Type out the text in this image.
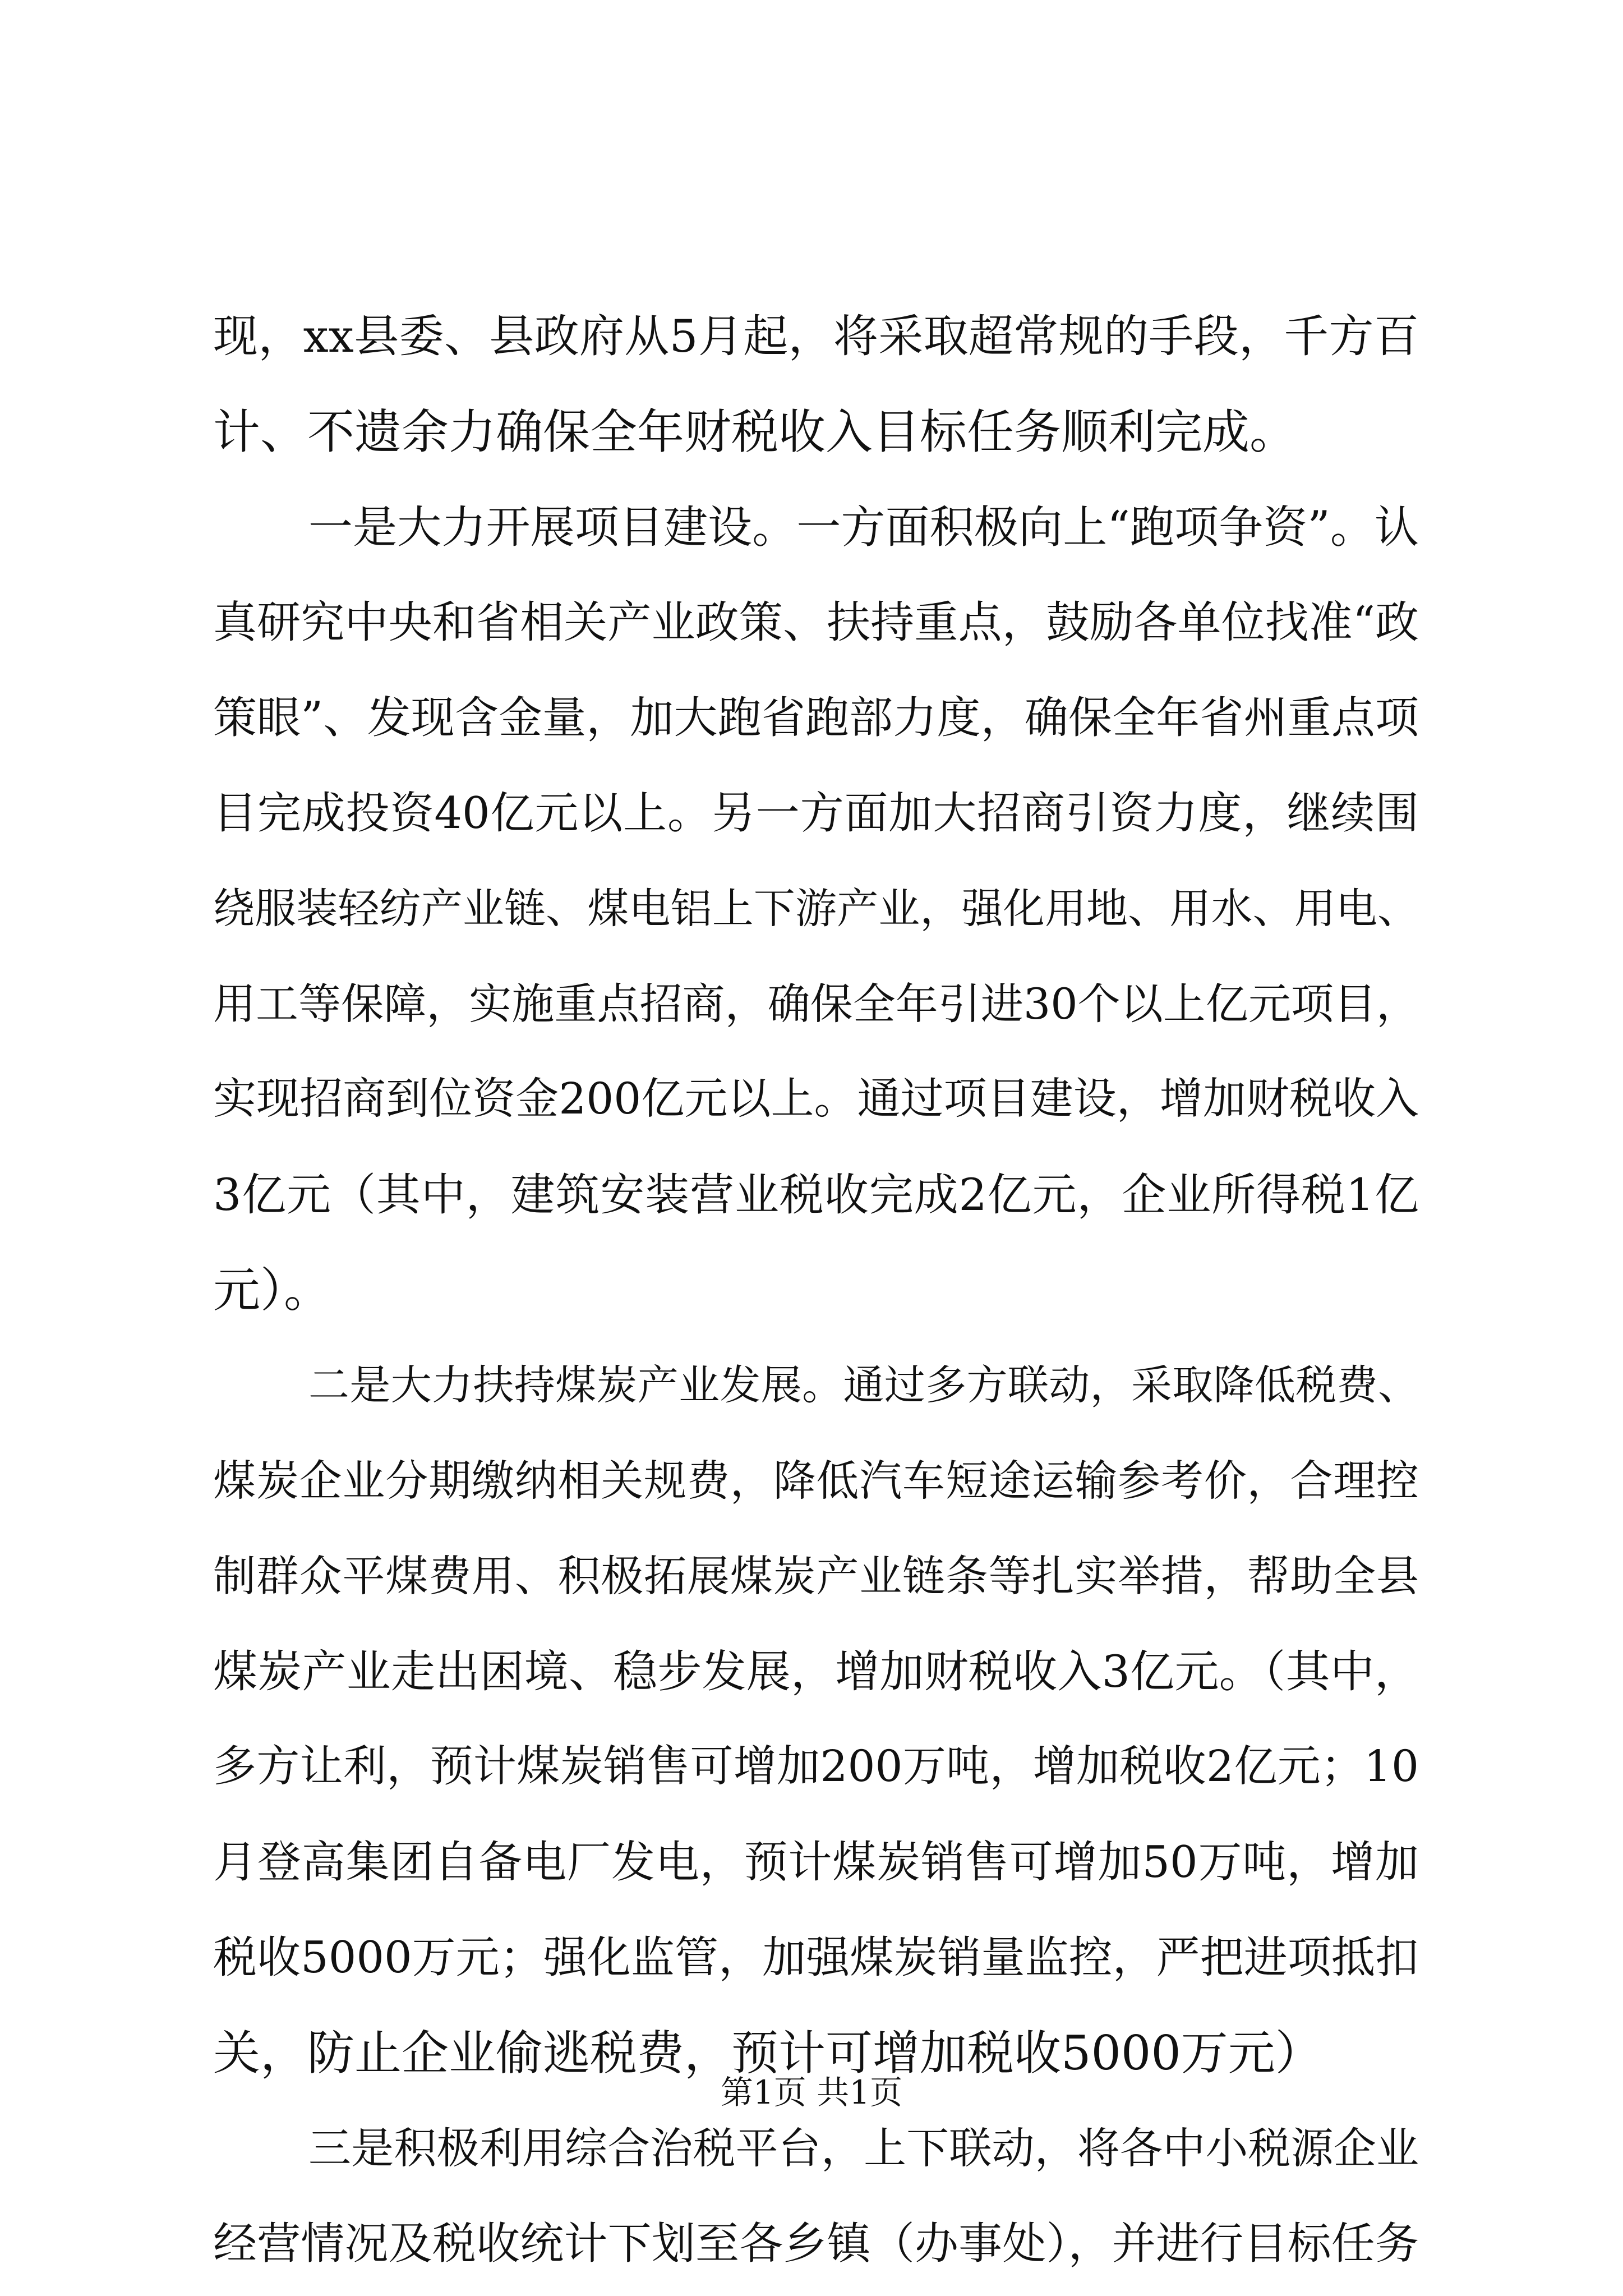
现，xx县委、县政府从5月起，将采取超常规的手段，千方百
计、不遗余力确保全年财税收入目标任务顺利完成。
一是大力开展项目建设。一方面积极向上“跑项争资”。认
真研究中央和省相关产业政策、扶持重点，鼓励各单位找准“政
策眼”、发现含金量，加大跑省跑部力度，确保全年省州重点项
目完成投资40亿元以上。另一方面加大招商引资力度，继续围
绕服装轻纺产业链、煤电铝上下游产业，强化用地、用水、用电、
用工等保障，实施重点招商，确保全年引进30个以上亿元项目，
实现招商到位资金200亿元以上。通过项目建设，增加财税收入
3亿元（其中，建筑安装营业税收完成2亿元，企业所得税1亿
元）。
二是大力扶持煤炭产业发展。通过多方联动，采取降低税费、
煤炭企业分期缴纳相关规费，降低汽车短途运输参考价，合理控
制群众平煤费用、积极拓展煤炭产业链条等扎实举措，帮助全县
煤炭产业走出困境、稳步发展，增加财税收入3亿元。（其中，
多方让利，预计煤炭销售可增加200万吨，增加税收2亿元；10
月登高集团自备电厂发电，预计煤炭销售可增加50万吨，增加
税收5000万元；强化监管，加强煤炭销量监控，严把进项抵扣
关，防止企业偷逃税费，预计可增加税收5000万元）
三是积极利用综合治税平台，上下联动，将各中小税源企业
经营情况及税收统计下划至各乡镇（办事处），并进行目标任务
第1页 共1页
